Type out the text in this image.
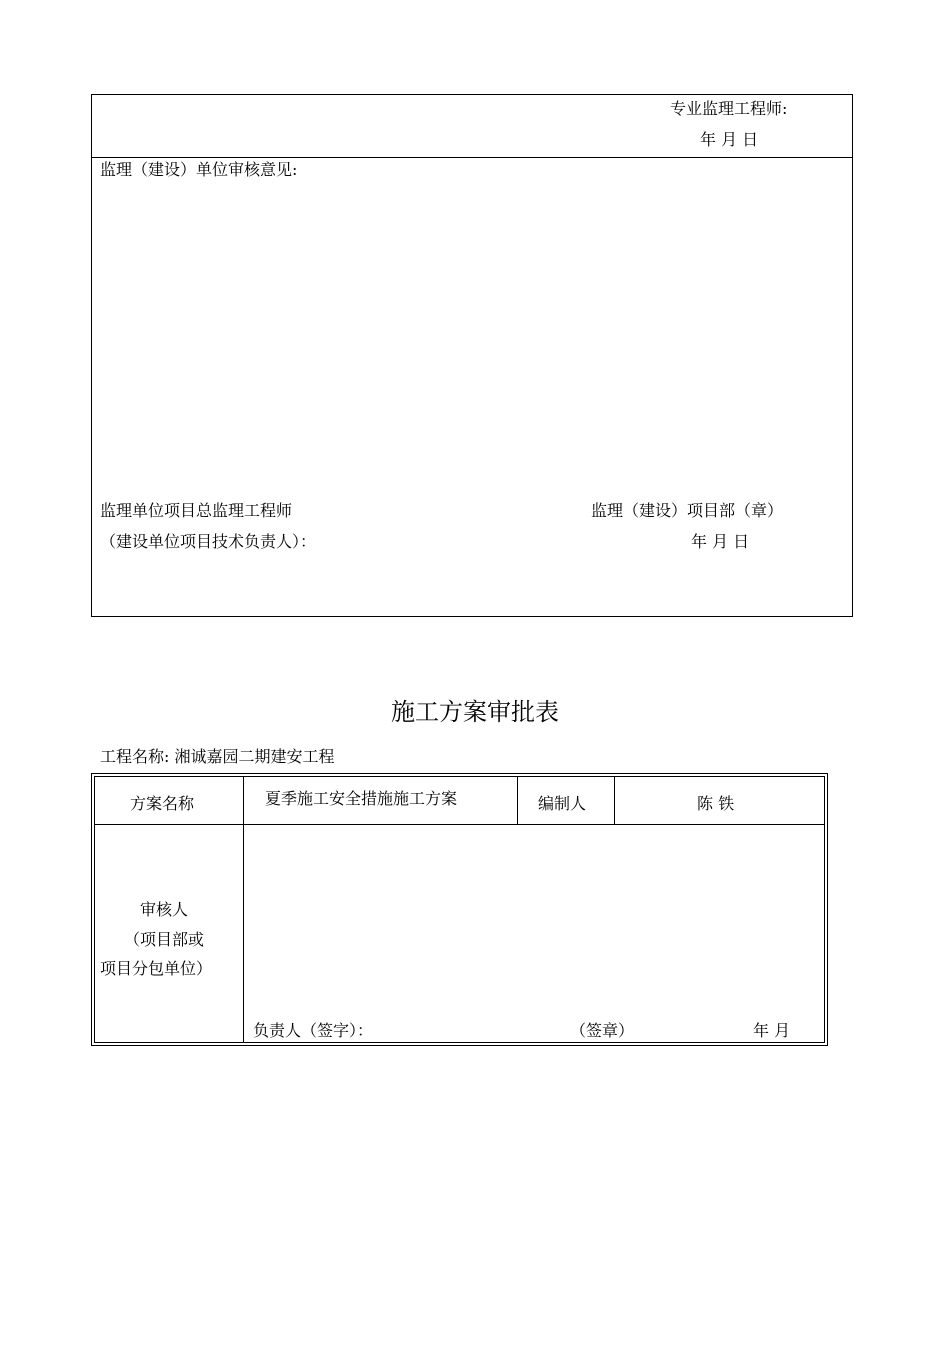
专业监理工程师:
年 月 日
监理（建设）单位审核意见:
监理单位项目总监理工程师	监理（建设）项目部（章）
（建设单位项目技术负责人）：	年 月 日
施工方案审批表
工程名称: 湘诚嘉园二期建安工程
方案名称	夏季施工安全措施施工方案	编制人	陈 铁
审核人
（项目部或
项目分包单位）
负责人（签字）：	（签章）	年 月
